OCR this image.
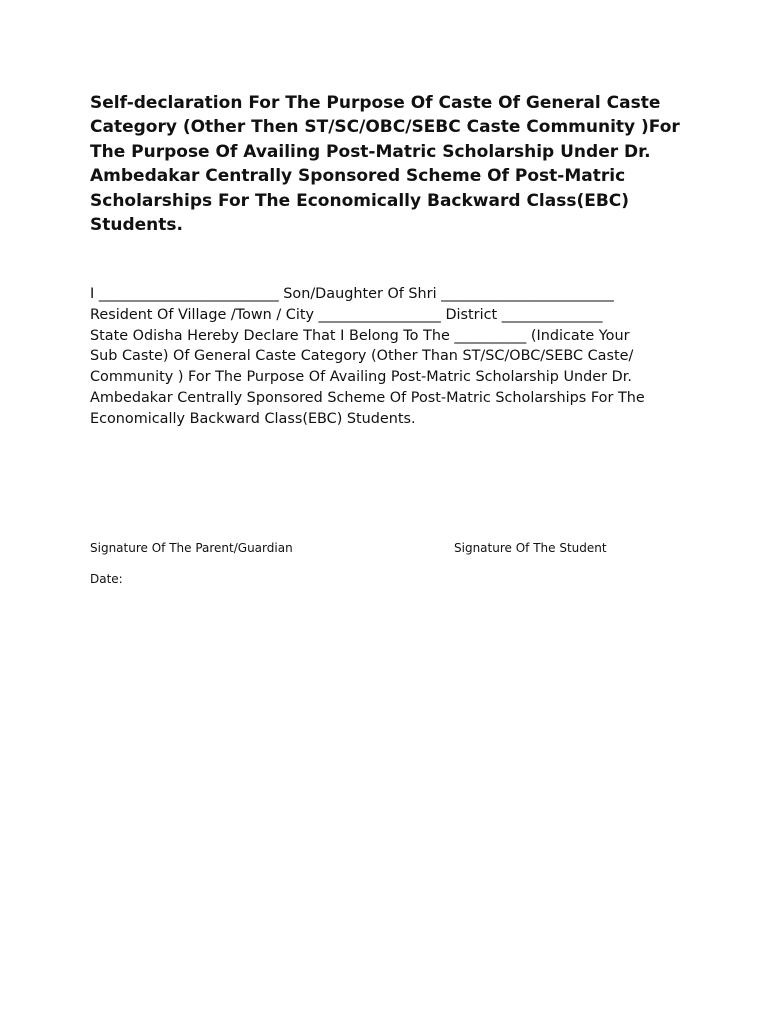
Self-declaration For The Purpose Of Caste Of General Caste Category (Other Then ST/SC/OBC/SEBC Caste Community )For The Purpose Of Availing Post-Matric Scholarship Under Dr. Ambedakar Centrally Sponsored Scheme Of Post-Matric Scholarships For The Economically Backward Class(EBC) Students.

I _________________________ Son/Daughter Of Shri ________________________
Resident Of Village /Town / City _________________ District ______________
State Odisha Hereby Declare That I Belong To The __________ (Indicate Your
Sub Caste) Of General Caste Category (Other Than ST/SC/OBC/SEBC Caste/
Community ) For The Purpose Of Availing Post-Matric Scholarship Under Dr.
Ambedakar Centrally Sponsored Scheme Of Post-Matric Scholarships For The
Economically Backward Class(EBC) Students.

Signature Of The Parent/Guardian	Signature Of The Student
Date:
